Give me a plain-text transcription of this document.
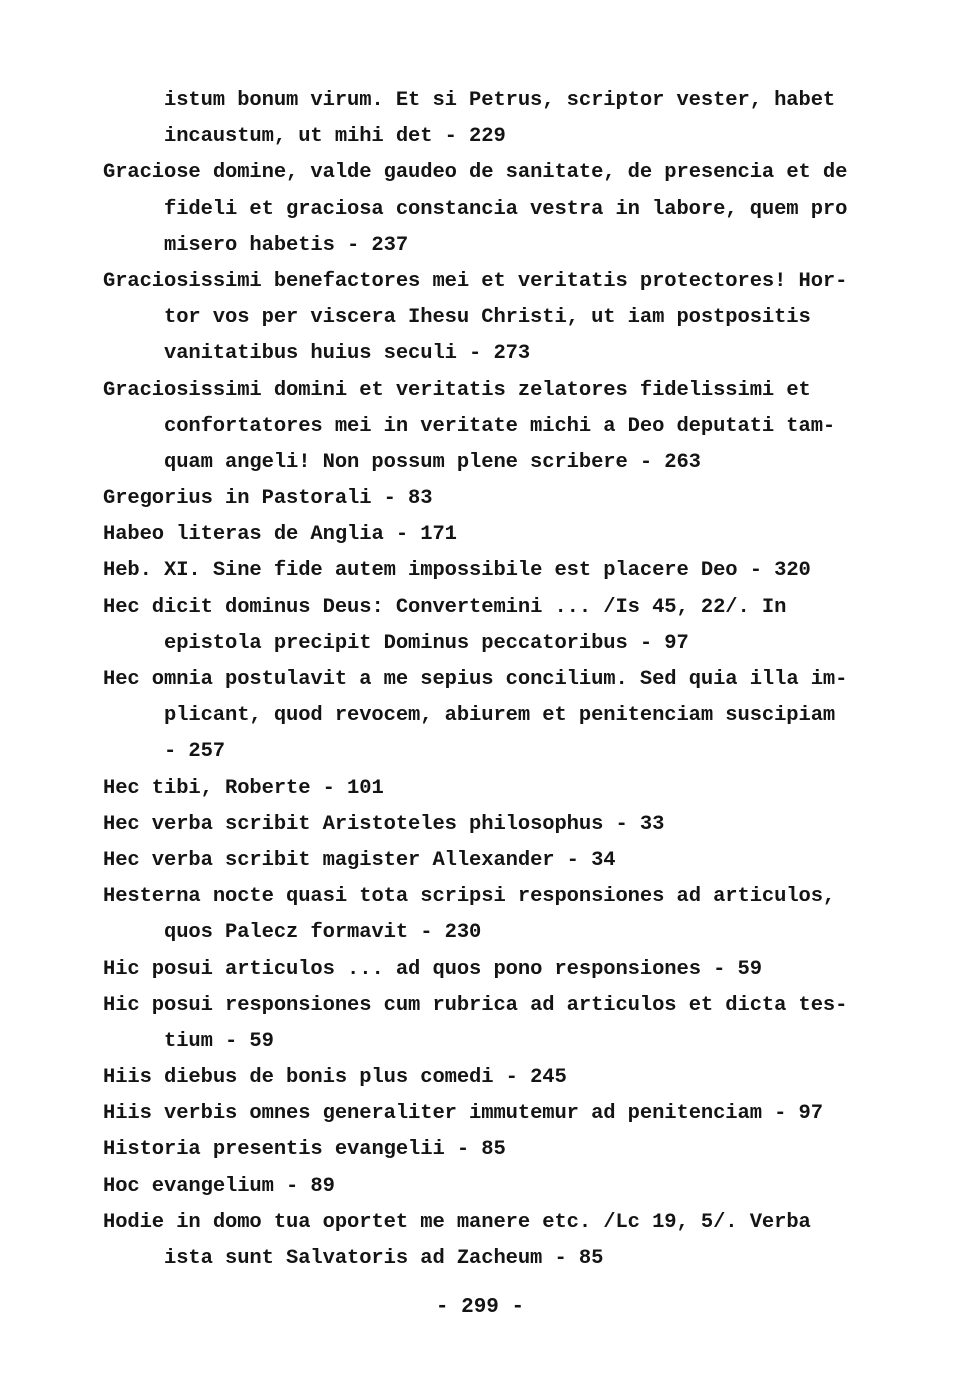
istum bonum virum. Et si Petrus, scriptor vester, habet
incaustum, ut mihi det - 229
Graciose domine, valde gaudeo de sanitate, de presencia et de
fideli et graciosa constancia vestra in labore, quem pro
misero habetis - 237
Graciosissimi benefactores mei et veritatis protectores! Hor-
tor vos per viscera Ihesu Christi, ut iam postpositis
vanitatibus huius seculi - 273
Graciosissimi domini et veritatis zelatores fidelissimi et
confortatores mei in veritate michi a Deo deputati tam-
quam angeli! Non possum plene scribere - 263
Gregorius in Pastorali - 83
Habeo literas de Anglia - 171
Heb. XI. Sine fide autem impossibile est placere Deo - 320
Hec dicit dominus Deus: Convertemini ... /Is 45, 22/. In
epistola precipit Dominus peccatoribus - 97
Hec omnia postulavit a me sepius concilium. Sed quia illa im-
plicant, quod revocem, abiurem et penitenciam suscipiam
- 257
Hec tibi, Roberte - 101
Hec verba scribit Aristoteles philosophus - 33
Hec verba scribit magister Allexander - 34
Hesterna nocte quasi tota scripsi responsiones ad articulos,
quos Palecz formavit - 230
Hic posui articulos ... ad quos pono responsiones - 59
Hic posui responsiones cum rubrica ad articulos et dicta tes-
tium - 59
Hiis diebus de bonis plus comedi - 245
Hiis verbis omnes generaliter immutemur ad penitenciam - 97
Historia presentis evangelii - 85
Hoc evangelium - 89
Hodie in domo tua oportet me manere etc. /Lc 19, 5/. Verba
ista sunt Salvatoris ad Zacheum - 85
- 299 -
